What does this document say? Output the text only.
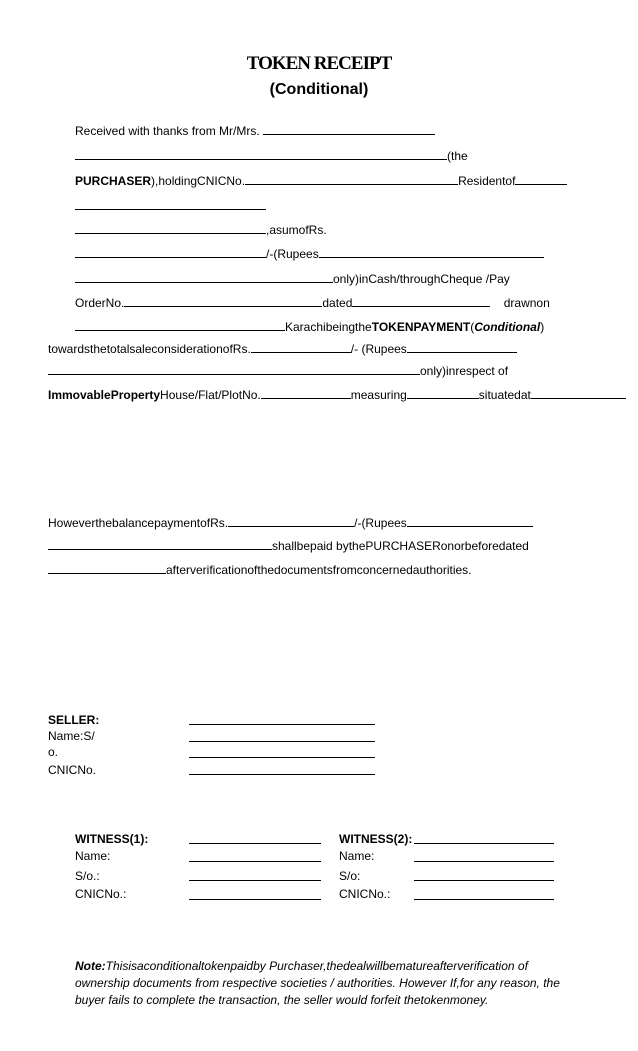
TOKEN RECEIPT
(Conditional)
Received with thanks from Mr/Mrs.
(the
PURCHASER),holdingCNICNo.	Residentof
,asumofRs.
/-(Rupees
only)inCash/throughCheque /Pay
OrderNo.	dated	drawnon
KarachibeingtheTOKENPAYMENT(Conditional)
towardsthetotalsaleconsiderationofRs.	/- (Rupees
only)inrespect of
ImmovablePropertyHouse/Flat/PlotNo.	measuring	situatedat
HoweverthebalancepaymentofRs.	/-(Rupees
shallbepaid bythePURCHASERonorbeforedated
afterverificationofthedocumentsfromconcernedauthorities.
SELLER:
Name:S/
o.
CNICNo.
WITNESS(1):
Name:
S/o.:
CNICNo.:
WITNESS(2):
Name:
S/o:
CNICNo.:
Note:Thisisaconditionaltokenpaidby Purchaser,thedealwillbematureafterverification of ownership documents from respective societies / authorities. However If,for any reason, the buyer fails to complete the transaction, the seller would forfeit thetokenmoney.
